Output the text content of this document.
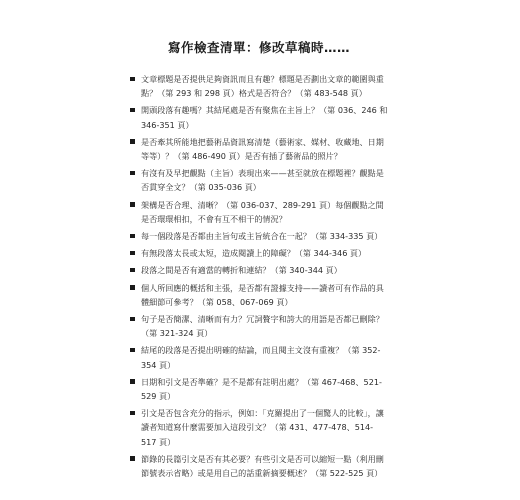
寫作檢查清單：修改草稿時……
文章標題是否提供足夠資訊而且有趣？標題是否劃出文章的範圍與重點？（第 293 和 298 頁）格式是否符合？（第 483-548 頁）
開頭段落有趣嗎？其結尾處是否有聚焦在主旨上？（第 036、246 和 346-351 頁）
是否牽其所能地把藝術品資訊寫清楚（藝術家、媒材、收藏地、日期等等）？（第 486-490 頁）是否有插了藝術品的照片？
有沒有及早把觀點（主旨）表現出來——甚至就放在標題裡？觀點是否貫穿全文？（第 035-036 頁）
架構是否合理、清晰？（第 036-037、289-291 頁）每個觀點之間是否環環相扣，不會有互不相干的情況？
每一個段落是否都由主旨句或主旨統合在一起？（第 334-335 頁）
有無段落太長或太短，造成閱讀上的障礙？（第 344-346 頁）
段落之間是否有適當的轉折和連結？（第 340-344 頁）
個人所回應的概括和主張，是否都有證據支持——讀者可有作品的具體細節可參考？（第 058、067-069 頁）
句子是否簡潔、清晰而有力？冗詞贅字和誇大的用語是否都已刪除？（第 321-324 頁）
結尾的段落是否提出明確的結論，而且閱主文沒有重複？（第 352-354 頁）
日期和引文是否準確？是不是都有註明出處？（第 467-468、521-529 頁）
引文是否包含充分的指示，例如：「克羅提出了一個驚人的比較」，讓讀者知道寫什麼需要加入這段引文？（第 431、477-478、514-517 頁）
節錄的長篇引文是否有其必要？有些引文是否可以縮短一點（利用刪節號表示省略）或是用自己的話重新摘要概述？（第 522-525 頁）
